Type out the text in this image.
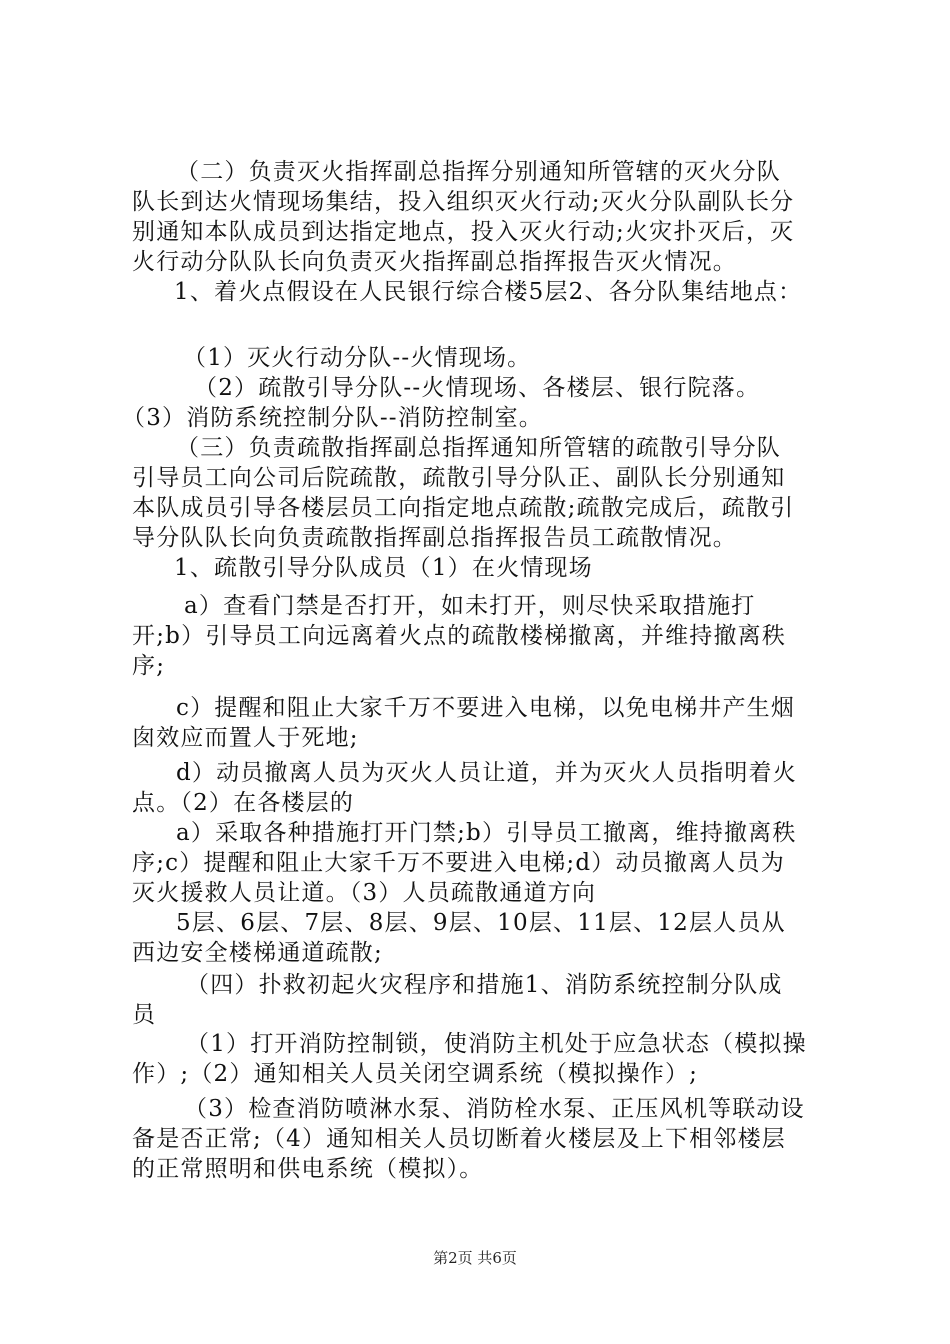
（二）负责灭火指挥副总指挥分别通知所管辖的灭火分队
队长到达火情现场集结，投入组织灭火行动;灭火分队副队长分
别通知本队成员到达指定地点，投入灭火行动;火灾扑灭后，灭
火行动分队队长向负责灭火指挥副总指挥报告灭火情况。
1、着火点假设在人民银行综合楼5层2、各分队集结地点：
（1）灭火行动分队--火情现场。
（2）疏散引导分队--火情现场、各楼层、银行院落。
（3）消防系统控制分队--消防控制室。
（三）负责疏散指挥副总指挥通知所管辖的疏散引导分队
引导员工向公司后院疏散，疏散引导分队正、副队长分别通知
本队成员引导各楼层员工向指定地点疏散;疏散完成后，疏散引
导分队队长向负责疏散指挥副总指挥报告员工疏散情况。
1、疏散引导分队成员（1）在火情现场
a）查看门禁是否打开，如未打开，则尽快采取措施打
开;b）引导员工向远离着火点的疏散楼梯撤离，并维持撤离秩
序;
c）提醒和阻止大家千万不要进入电梯，以免电梯井产生烟
囱效应而置人于死地;
d）动员撤离人员为灭火人员让道，并为灭火人员指明着火
点。（2）在各楼层的
a）采取各种措施打开门禁;b）引导员工撤离，维持撤离秩
序;c）提醒和阻止大家千万不要进入电梯;d）动员撤离人员为
灭火援救人员让道。（3）人员疏散通道方向
5层、6层、7层、8层、9层、10层、11层、12层人员从
西边安全楼梯通道疏散;
（四）扑救初起火灾程序和措施1、消防系统控制分队成
员
（1）打开消防控制锁，使消防主机处于应急状态（模拟操
作）;（2）通知相关人员关闭空调系统（模拟操作）;
（3）检查消防喷淋水泵、消防栓水泵、正压风机等联动设
备是否正常;（4）通知相关人员切断着火楼层及上下相邻楼层
的正常照明和供电系统（模拟）。
第2页 共6页
